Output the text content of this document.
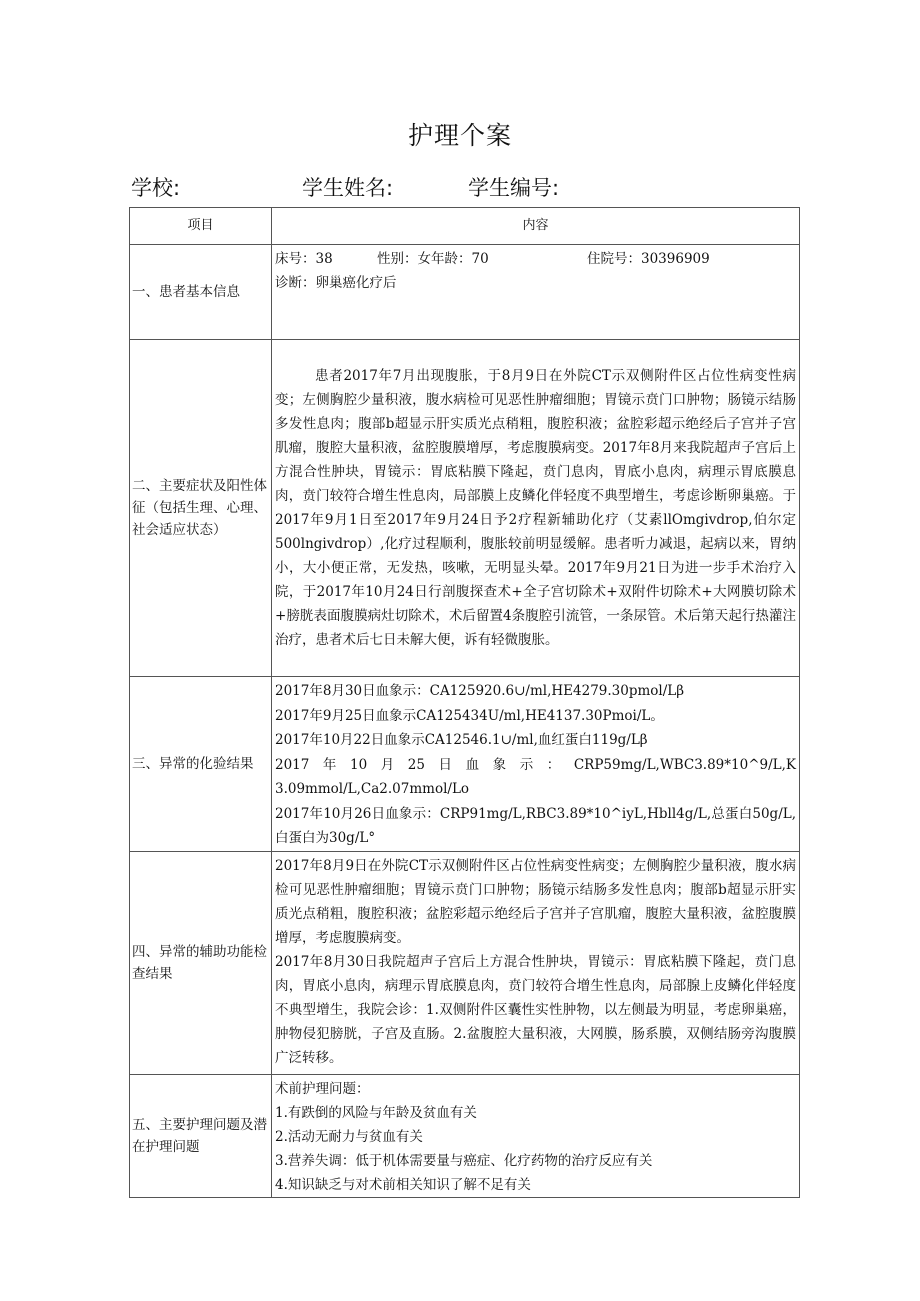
护理个案
学校:	学生姓名:	学生编号:
项目	内容
一、患者基本信息	床号：38 性别：女年龄：70 住院号：30396909

诊断：卵巢癌化疗后

二、主要症状及阳性体征（包括生理、心理、社会适应状态）	患者2017年7月出现腹胀，于8月9日在外院CT示双侧附件区占位性病变性病变；左侧胸腔少量积液，腹水病检可见恶性肿瘤细胞；胃镜示贲门口肿物；肠镜示结肠多发性息肉；腹部b超显示肝实质光点稍粗，腹腔积液；盆腔彩超示绝经后子宫并子宫肌瘤，腹腔大量积液，盆腔腹膜增厚，考虑腹膜病变。2017年8月来我院超声子宫后上方混合性肿块，胃镜示：胃底粘膜下隆起，贲门息肉，胃底小息肉，病理示胃底膜息肉，贲门较符合增生性息肉，局部膜上皮鳞化伴轻度不典型增生，考虑诊断卵巢癌。于2017年9月1日至2017年9月24日予2疗程新辅助化疗（艾素llOmgivdrop,伯尔定500lngivdrop）,化疗过程顺利，腹胀较前明显缓解。患者听力减退，起病以来，胃纳小，大小便正常，无发热，咳嗽，无明显头晕。2017年9月21日为进一步手术治疗入院，于2017年10月24日行剖腹探查术+全子宫切除术+双附件切除术+大网膜切除术+膀胱表面腹膜病灶切除术，术后留置4条腹腔引流管，一条尿管。术后第天起行热灌注治疗，患者术后七日未解大便，诉有轻微腹胀。

三、异常的化验结果	2017年8月30日血象示：CA125920.6∪/ml,HE4279.30pmol/Lβ

2017年9月25日血象示CA125434U/ml,HE4137.30Pmoi/L。

2017年10月22日血象示CA12546.1∪/ml,血红蛋白119g/Lβ

2017年10月25日血象示：CRP59mg/L,WBC3.89*10^9/L,K 3.09mmol/L,Ca2.07mmol/Lo

2017年10月26日血象示：CRP91mg/L,RBC3.89*10^iyL,Hbll4g/L,总蛋白50g/L,白蛋白为30g/L°

四、异常的辅助功能检查结果	2017年8月9日在外院CT示双侧附件区占位性病变性病变；左侧胸腔少量积液，腹水病检可见恶性肿瘤细胞；胃镜示贲门口肿物；肠镜示结肠多发性息肉；腹部b超显示肝实质光点稍粗，腹腔积液；盆腔彩超示绝经后子宫并子宫肌瘤，腹腔大量积液，盆腔腹膜增厚，考虑腹膜病变。

2017年8月30日我院超声子宫后上方混合性肿块，胃镜示：胃底粘膜下隆起，贲门息肉，胃底小息肉，病理示胃底膜息肉，贲门较符合增生性息肉，局部腺上皮鳞化伴轻度不典型增生，我院会诊：1.双侧附件区囊性实性肿物，以左侧最为明显，考虑卵巢癌，肿物侵犯膀胱，子宫及直肠。2.盆腹腔大量积液，大网膜，肠系膜，双侧结肠旁沟腹膜广泛转移。

五、主要护理问题及潜在护理问题	术前护理问题：

1.有跌倒的风险与年龄及贫血有关

2.活动无耐力与贫血有关

3.营养失调：低于机体需要量与癌症、化疗药物的治疗反应有关

4.知识缺乏与对术前相关知识了解不足有关
